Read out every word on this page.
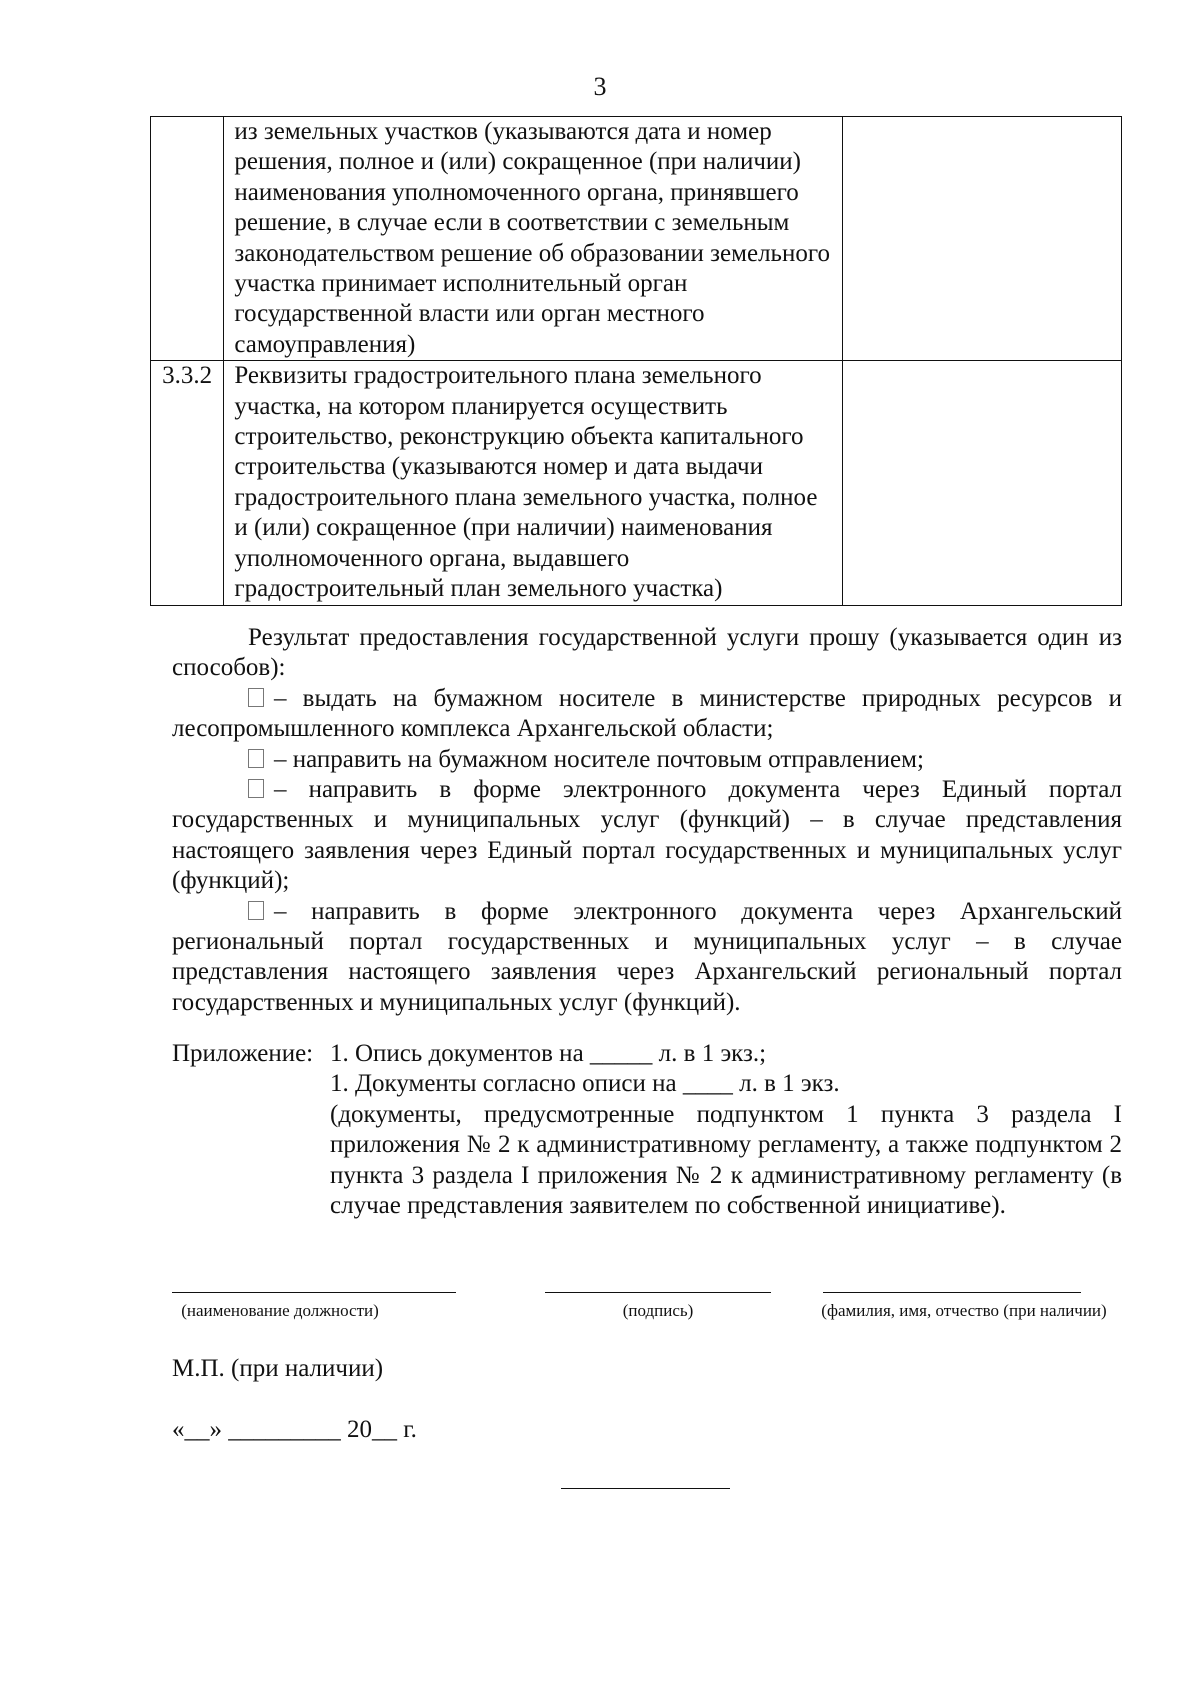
3
	из земельных участков (указываются дата и номер решения, полное и (или) сокращенное (при наличии) наименования уполномоченного органа, принявшего решение, в случае если в соответствии с земельным законодательством решение об образовании земельного участка принимает исполнительный орган государственной власти или орган местного самоуправления)	
3.3.2	Реквизиты градостроительного плана земельного участка, на котором планируется осуществить строительство, реконструкцию объекта капитального строительства (указываются номер и дата выдачи градостроительного плана земельного участка, полное и (или) сокращенное (при наличии) наименования уполномоченного органа, выдавшего градостроительный план земельного участка)	

Результат предоставления государственной услуги прошу (указывается один из способов):

– выдать на бумажном носителе в министерстве природных ресурсов и лесопромышленного комплекса Архангельской области;

– направить на бумажном носителе почтовым отправлением;

– направить в форме электронного документа через Единый портал государственных и муниципальных услуг (функций) – в случае представления настоящего заявления через Единый портал государственных и муниципальных услуг (функций);

– направить в форме электронного документа через Архангельский региональный портал государственных и муниципальных услуг – в случае представления настоящего заявления через Архангельский региональный портал государственных и муниципальных услуг (функций).

Приложение: 1. Опись документов на _____ л. в 1 экз.;

1. Документы согласно описи на ____ л. в 1 экз.

(документы, предусмотренные подпунктом 1 пункта 3 раздела I приложения № 2 к административному регламенту, а также подпунктом 2 пункта 3 раздела I приложения № 2 к административному регламенту (в случае представления заявителем по собственной инициативе).

(наименование должности)	(подпись)	(фамилия, имя, отчество (при наличии)
М.П. (при наличии)
«__» _________ 20__ г.
